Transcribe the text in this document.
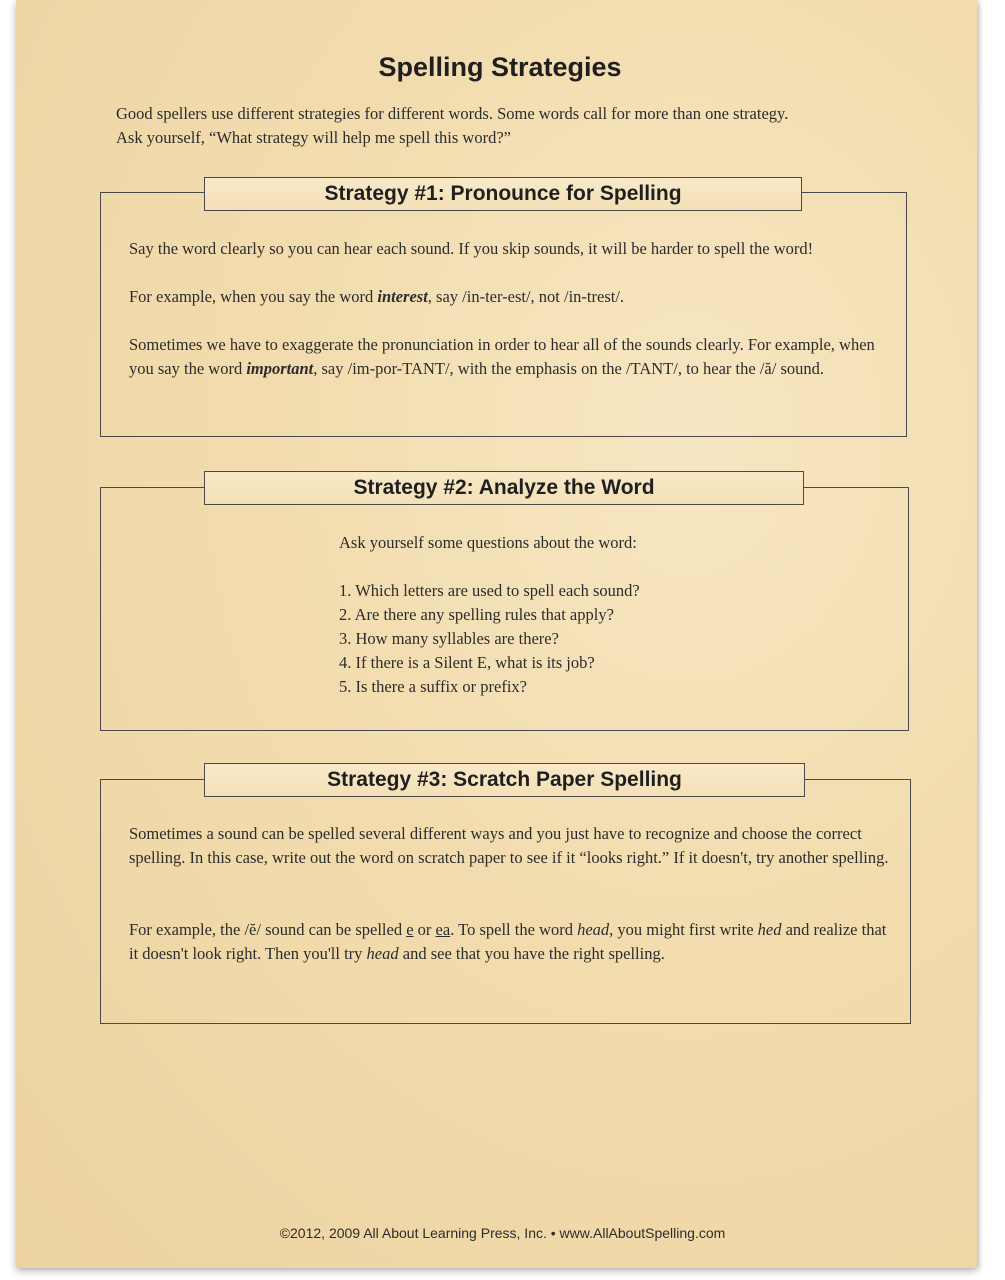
Spelling Strategies
Good spellers use different strategies for different words. Some words call for more than one strategy.
Ask yourself, “What strategy will help me spell this word?”
Strategy #1: Pronounce for Spelling

Say the word clearly so you can hear each sound. If you skip sounds, it will be harder to spell the word!

For example, when you say the word interest, say /in-ter-est/, not /in-trest/.

Sometimes we have to exaggerate the pronunciation in order to hear all of the sounds clearly. For example, when you say the word important, say /im-por-TANT/, with the emphasis on the /TANT/, to hear the /ă/ sound.

Strategy #2: Analyze the Word
Ask yourself some questions about the word:
1. Which letters are used to spell each sound?
2. Are there any spelling rules that apply?
3. How many syllables are there?
4. If there is a Silent E, what is its job?
5. Is there a suffix or prefix?
Strategy #3: Scratch Paper Spelling

Sometimes a sound can be spelled several different ways and you just have to recognize and choose the correct spelling. In this case, write out the word on scratch paper to see if it “looks right.” If it doesn't, try another spelling.

For example, the /ĕ/ sound can be spelled e or ea. To spell the word head, you might first write hed and realize that it doesn't look right. Then you'll try head and see that you have the right spelling.

©2012, 2009 All About Learning Press, Inc. • www.AllAboutSpelling.com
